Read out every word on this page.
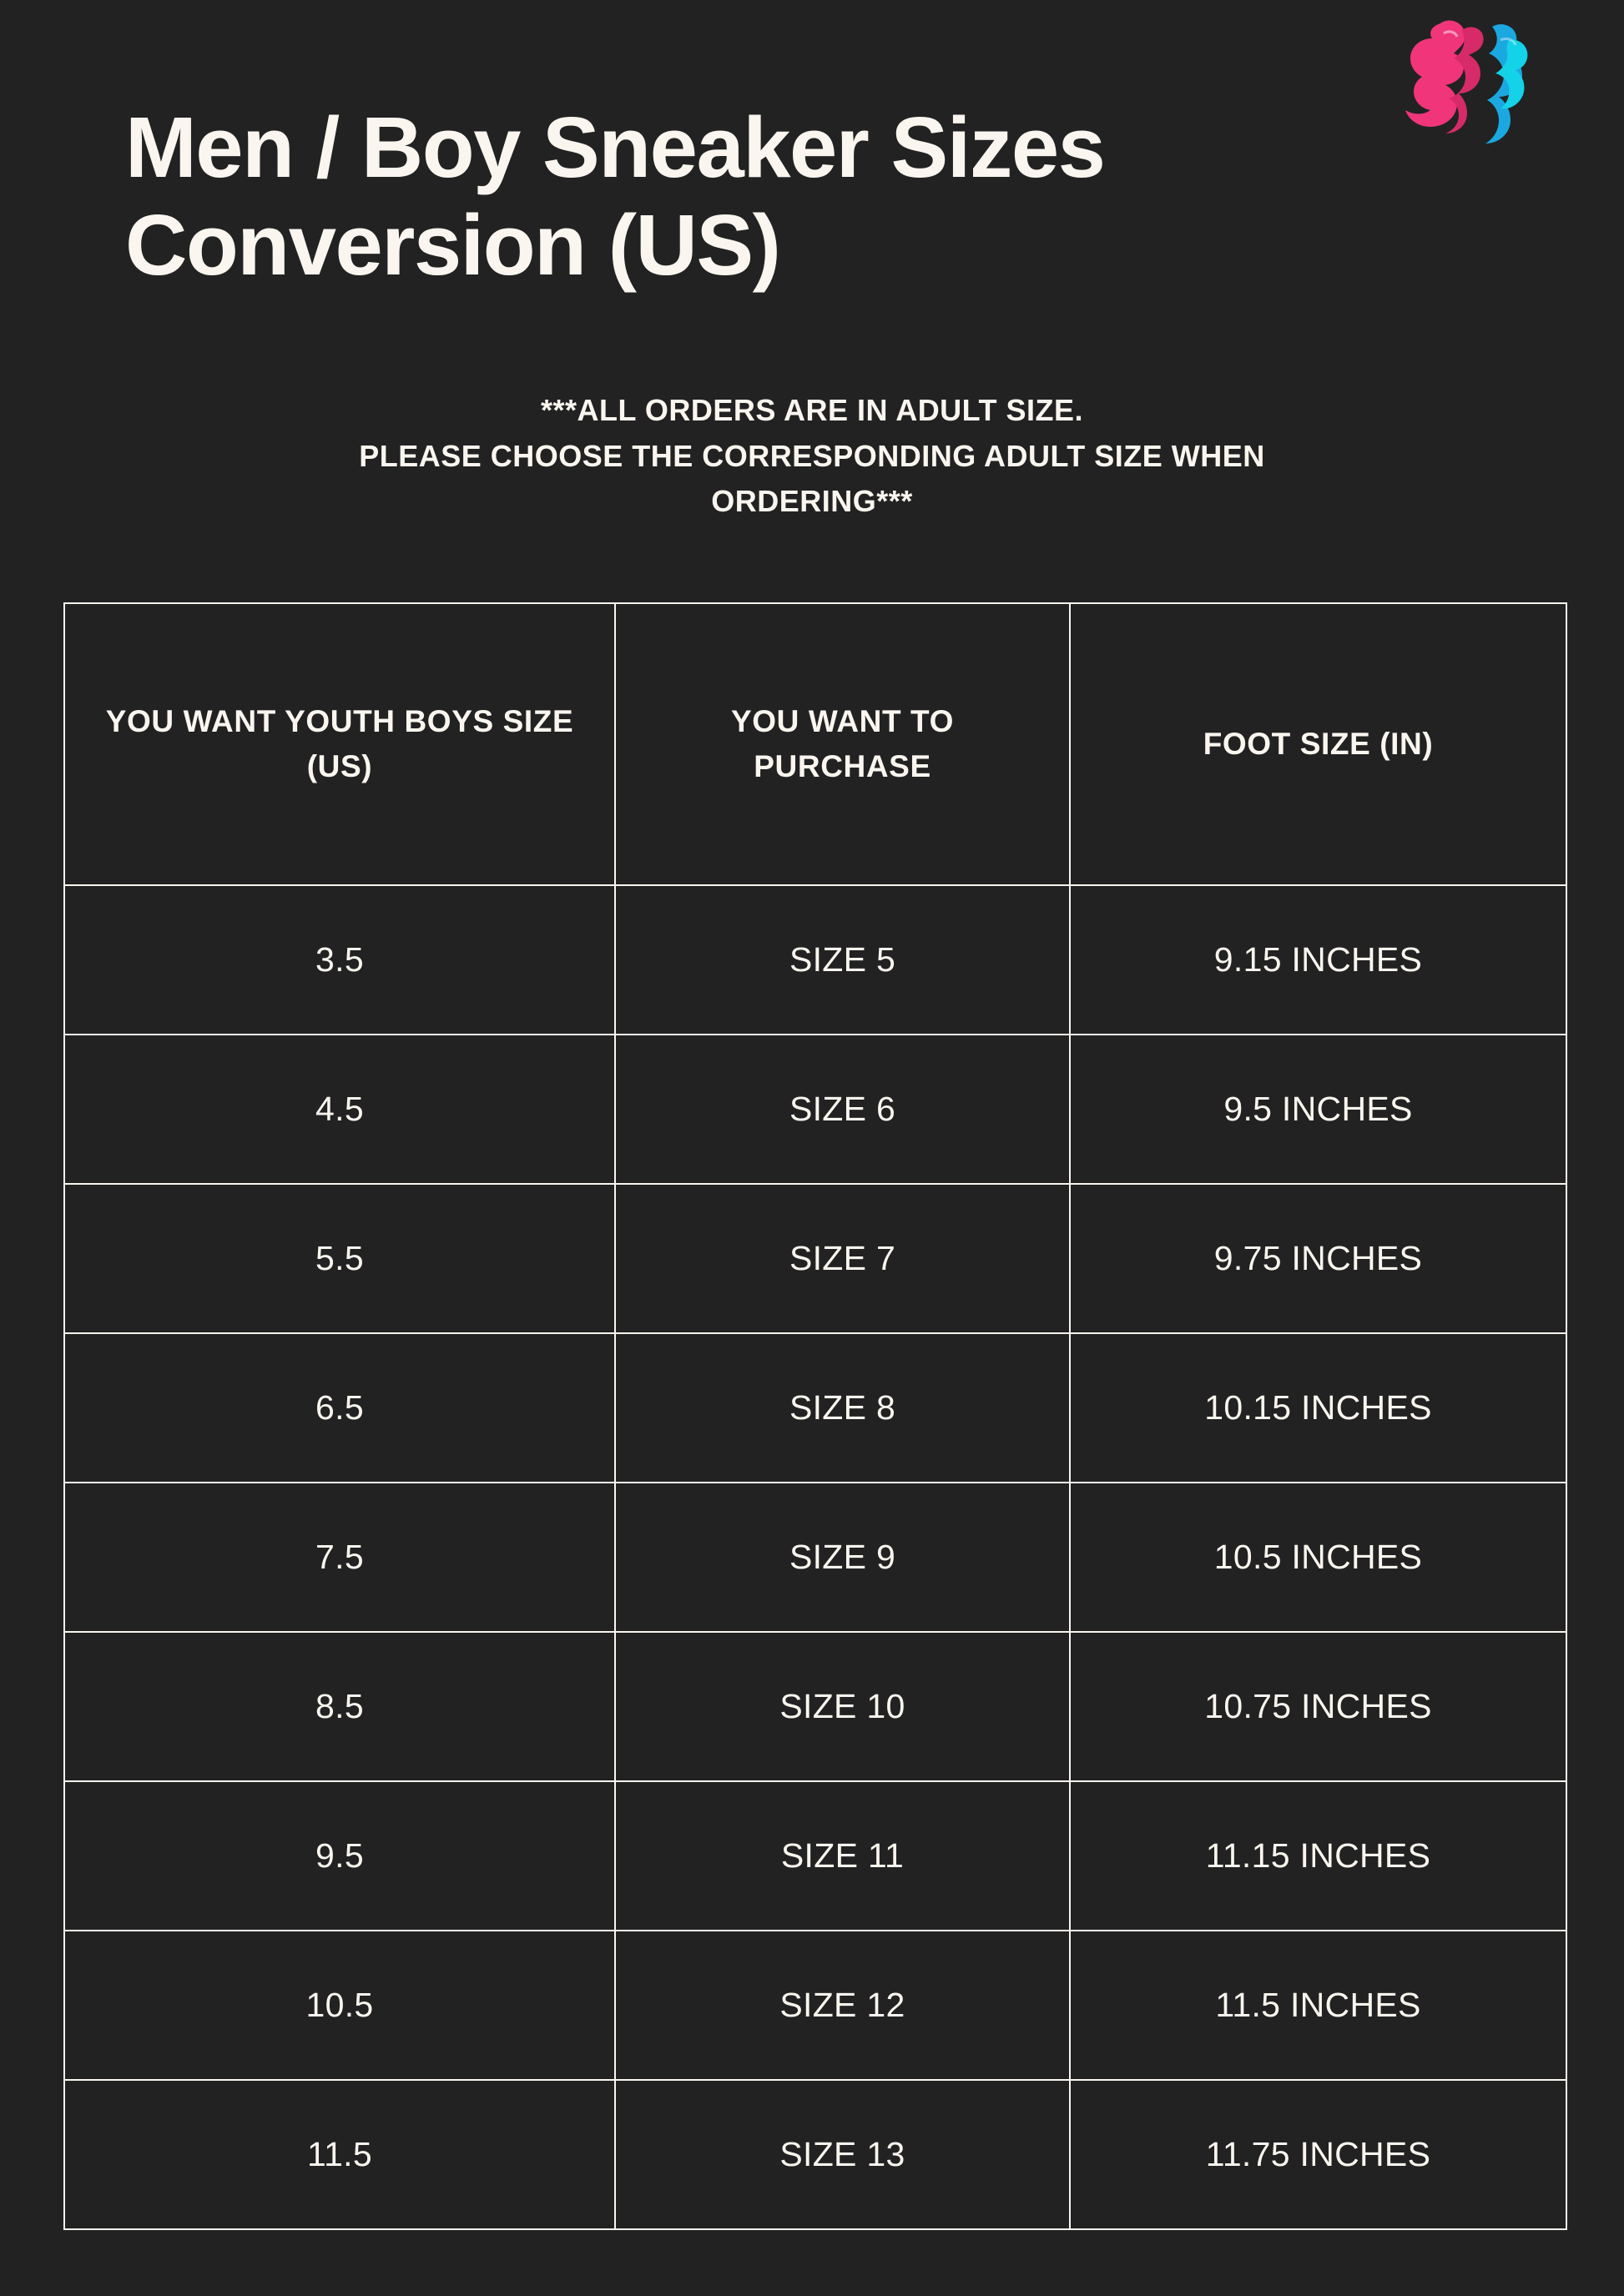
Men / Boy Sneaker Sizes
Conversion (US)
***ALL ORDERS ARE IN ADULT SIZE.
PLEASE CHOOSE THE CORRESPONDING ADULT SIZE WHEN
ORDERING***
YOU WANT YOUTH BOYS SIZE (US)	YOU WANT TO PURCHASE	FOOT SIZE (IN)
3.5	SIZE 5	9.15 INCHES
4.5	SIZE 6	9.5 INCHES
5.5	SIZE 7	9.75 INCHES
6.5	SIZE 8	10.15 INCHES
7.5	SIZE 9	10.5 INCHES
8.5	SIZE 10	10.75 INCHES
9.5	SIZE 11	11.15 INCHES
10.5	SIZE 12	11.5 INCHES
11.5	SIZE 13	11.75 INCHES
